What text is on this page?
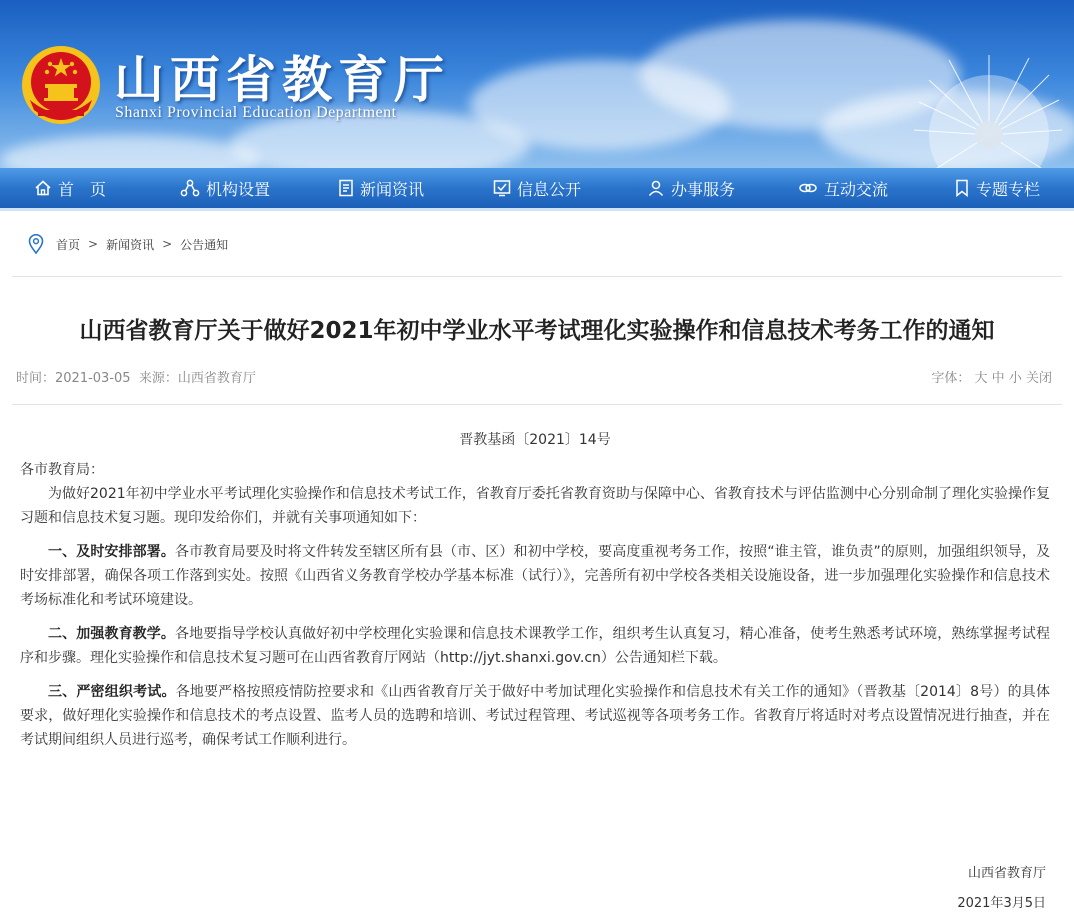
山西省教育厅
Shanxi Provincial Education Department
首　页	机构设置	新闻资讯	信息公开	办事服务	互动交流	专题专栏
首页 > 新闻资讯 > 公告通知
山西省教育厅关于做好2021年初中学业水平考试理化实验操作和信息技术考务工作的通知
时间：2021-03-05 来源：山西省教育厅	字体： 大 中 小 关闭
晋教基函〔2021〕14号

各市教育局：

为做好2021年初中学业水平考试理化实验操作和信息技术考试工作，省教育厅委托省教育资助与保障中心、省教育技术与评估监测中心分别命制了理化实验操作复习题和信息技术复习题。现印发给你们，并就有关事项通知如下：

一、及时安排部署。各市教育局要及时将文件转发至辖区所有县（市、区）和初中学校，要高度重视考务工作，按照“谁主管，谁负责”的原则，加强组织领导，及时安排部署，确保各项工作落到实处。按照《山西省义务教育学校办学基本标准（试行）》，完善所有初中学校各类相关设施设备，进一步加强理化实验操作和信息技术考场标准化和考试环境建设。

二、加强教育教学。各地要指导学校认真做好初中学校理化实验课和信息技术课教学工作，组织考生认真复习，精心准备，使考生熟悉考试环境，熟练掌握考试程序和步骤。理化实验操作和信息技术复习题可在山西省教育厅网站（http://jyt.shanxi.gov.cn）公告通知栏下载。

三、严密组织考试。各地要严格按照疫情防控要求和《山西省教育厅关于做好中考加试理化实验操作和信息技术有关工作的通知》（晋教基〔2014〕8号）的具体要求，做好理化实验操作和信息技术的考点设置、监考人员的选聘和培训、考试过程管理、考试巡视等各项考务工作。省教育厅将适时对考点设置情况进行抽查，并在考试期间组织人员进行巡考，确保考试工作顺利进行。

山西省教育厅
2021年3月5日
